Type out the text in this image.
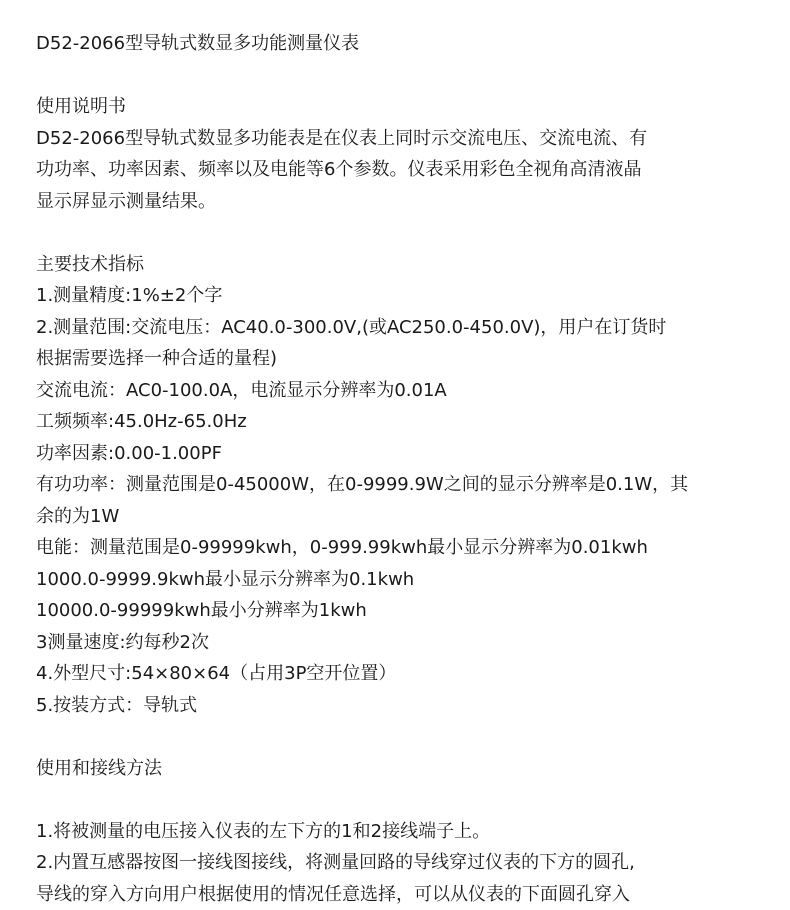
D52-2066型导轨式数显多功能测量仪表
使用说明书
D52-2066型导轨式数显多功能表是在仪表上同时示交流电压、交流电流、有
功功率、功率因素、频率以及电能等6个参数。仪表采用彩色全视角高清液晶
显示屏显示测量结果。
主要技术指标
1.测量精度:1%±2个字
2.测量范围:交流电压：AC40.0-300.0V,(或AC250.0-450.0V)，用户在订货时
根据需要选择一种合适的量程)
交流电流：AC0-100.0A，电流显示分辨率为0.01A
工频频率:45.0Hz-65.0Hz
功率因素:0.00-1.00PF
有功功率：测量范围是0-45000W，在0-9999.9W之间的显示分辨率是0.1W，其
余的为1W
电能：测量范围是0-99999kwh，0-999.99kwh最小显示分辨率为0.01kwh
1000.0-9999.9kwh最小显示分辨率为0.1kwh
10000.0-99999kwh最小分辨率为1kwh
3测量速度:约每秒2次
4.外型尺寸:54×80×64（占用3P空开位置）
5.按装方式：导轨式
使用和接线方法
1.将被测量的电压接入仪表的左下方的1和2接线端子上。
2.内置互感器按图一接线图接线，将测量回路的导线穿过仪表的下方的圆孔,
导线的穿入方向用户根据使用的情况任意选择，可以从仪表的下面圆孔穿入
